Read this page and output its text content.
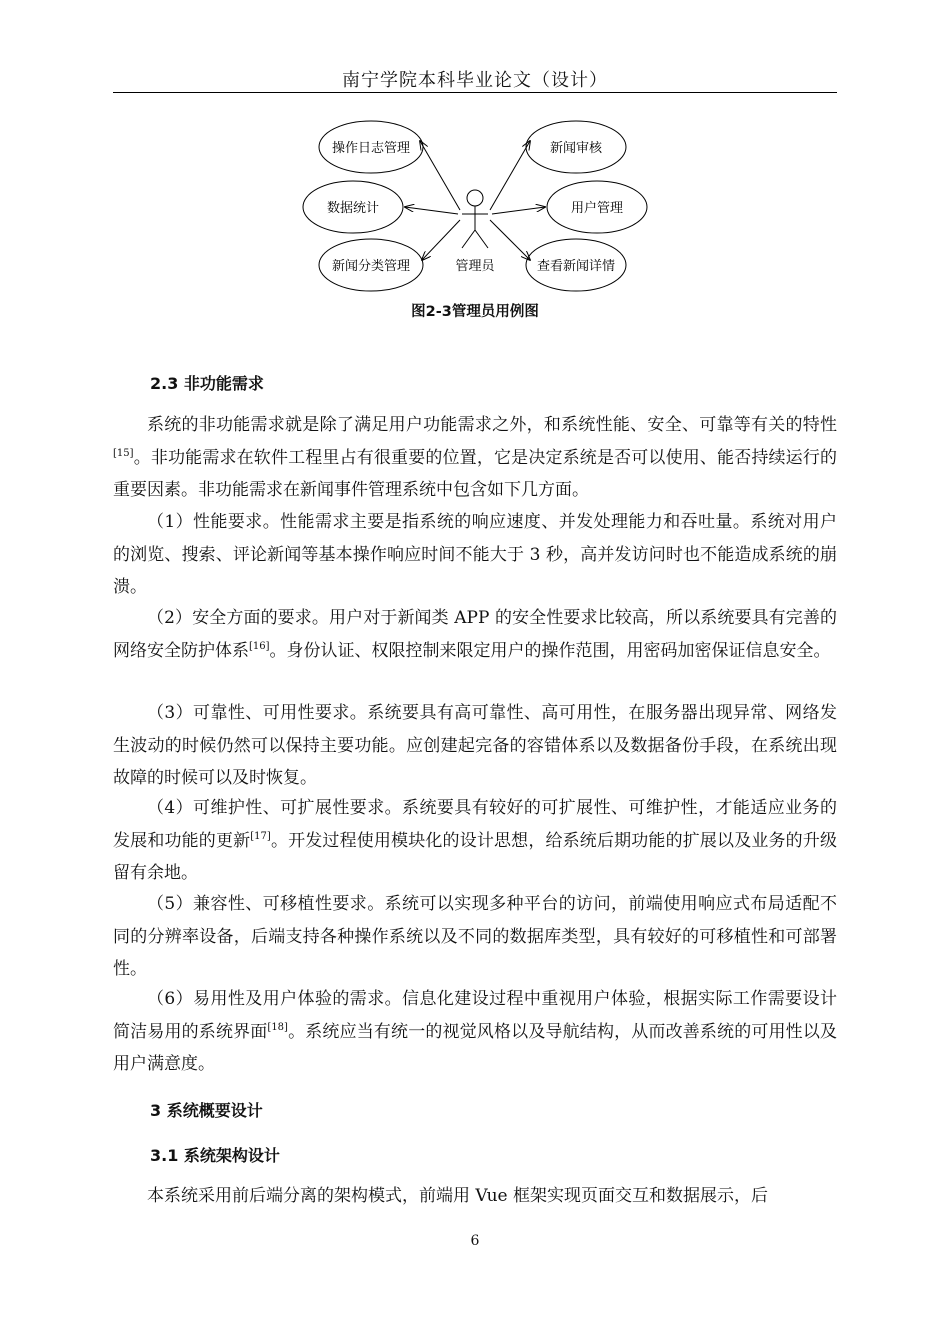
南宁学院本科毕业论文（设计）
操作日志管理
数据统计
新闻分类管理
新闻审核
用户管理
查看新闻详情
管理员
图2-3管理员用例图
2.3 非功能需求

系统的非功能需求就是除了满足用户功能需求之外，和系统性能、安全、可靠等有关的特性[15]。非功能需求在软件工程里占有很重要的位置，它是决定系统是否可以使用、能否持续运行的重要因素。非功能需求在新闻事件管理系统中包含如下几方面。

（1）性能要求。性能需求主要是指系统的响应速度、并发处理能力和吞吐量。系统对用户的浏览、搜索、评论新闻等基本操作响应时间不能大于 3 秒，高并发访问时也不能造成系统的崩溃。

（2）安全方面的要求。用户对于新闻类 APP 的安全性要求比较高，所以系统要具有完善的网络安全防护体系[16]。身份认证、权限控制来限定用户的操作范围，用密码加密保证信息安全。

（3）可靠性、可用性要求。系统要具有高可靠性、高可用性，在服务器出现异常、网络发生波动的时候仍然可以保持主要功能。应创建起完备的容错体系以及数据备份手段，在系统出现故障的时候可以及时恢复。

（4）可维护性、可扩展性要求。系统要具有较好的可扩展性、可维护性，才能适应业务的发展和功能的更新[17]。开发过程使用模块化的设计思想，给系统后期功能的扩展以及业务的升级留有余地。

（5）兼容性、可移植性要求。系统可以实现多种平台的访问，前端使用响应式布局适配不同的分辨率设备，后端支持各种操作系统以及不同的数据库类型，具有较好的可移植性和可部署性。

（6）易用性及用户体验的需求。信息化建设过程中重视用户体验，根据实际工作需要设计简洁易用的系统界面[18]。系统应当有统一的视觉风格以及导航结构，从而改善系统的可用性以及用户满意度。

3 系统概要设计
3.1 系统架构设计

本系统采用前后端分离的架构模式，前端用 Vue 框架实现页面交互和数据展示，后

6
